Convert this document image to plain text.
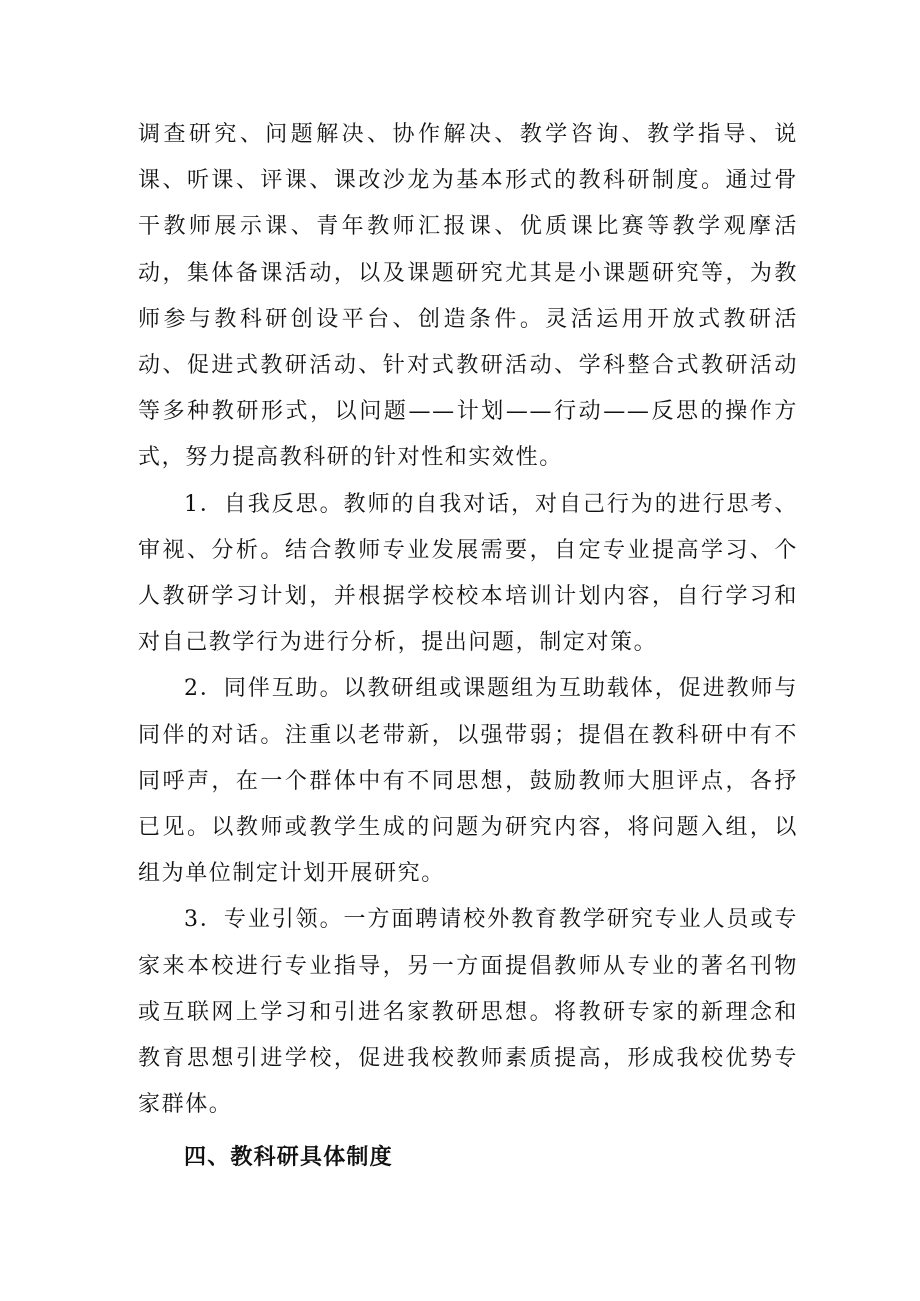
调查研究、问题解决、协作解决、教学咨询、教学指导、说课、听课、评课、课改沙龙为基本形式的教科研制度。通过骨干教师展示课、青年教师汇报课、优质课比赛等教学观摩活动，集体备课活动，以及课题研究尤其是小课题研究等，为教师参与教科研创设平台、创造条件。灵活运用开放式教研活动、促进式教研活动、针对式教研活动、学科整合式教研活动等多种教研形式，以问题——计划——行动——反思的操作方式，努力提高教科研的针对性和实效性。

1．自我反思。教师的自我对话，对自己行为的进行思考、审视、分析。结合教师专业发展需要，自定专业提高学习、个人教研学习计划，并根据学校校本培训计划内容，自行学习和对自己教学行为进行分析，提出问题，制定对策。

2．同伴互助。以教研组或课题组为互助载体，促进教师与同伴的对话。注重以老带新，以强带弱；提倡在教科研中有不同呼声，在一个群体中有不同思想，鼓励教师大胆评点，各抒已见。以教师或教学生成的问题为研究内容，将问题入组，以组为单位制定计划开展研究。

3．专业引领。一方面聘请校外教育教学研究专业人员或专家来本校进行专业指导，另一方面提倡教师从专业的著名刊物或互联网上学习和引进名家教研思想。将教研专家的新理念和教育思想引进学校，促进我校教师素质提高，形成我校优势专家群体。

四、教科研具体制度
